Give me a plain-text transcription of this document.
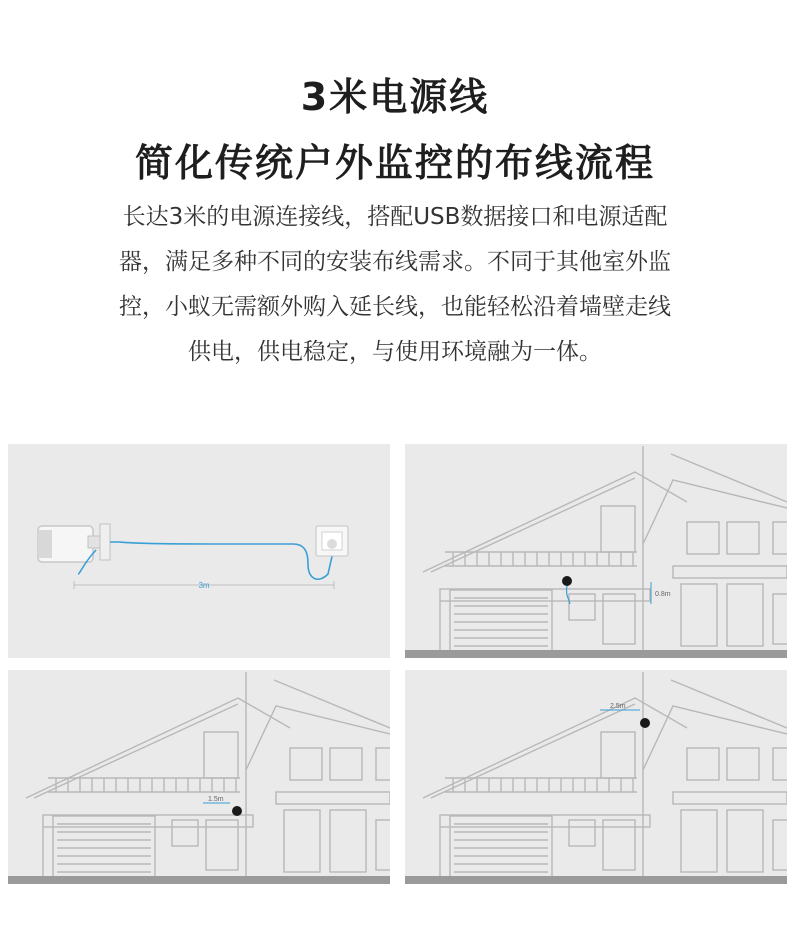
3米电源线
简化传统户外监控的布线流程
长达3米的电源连接线，搭配USB数据接口和电源适配
器，满足多种不同的安装布线需求。不同于其他室外监
控，小蚁无需额外购入延长线，也能轻松沿着墙壁走线
供电，供电稳定，与使用环境融为一体。
3m
0.8m
1.5m
2.5m
